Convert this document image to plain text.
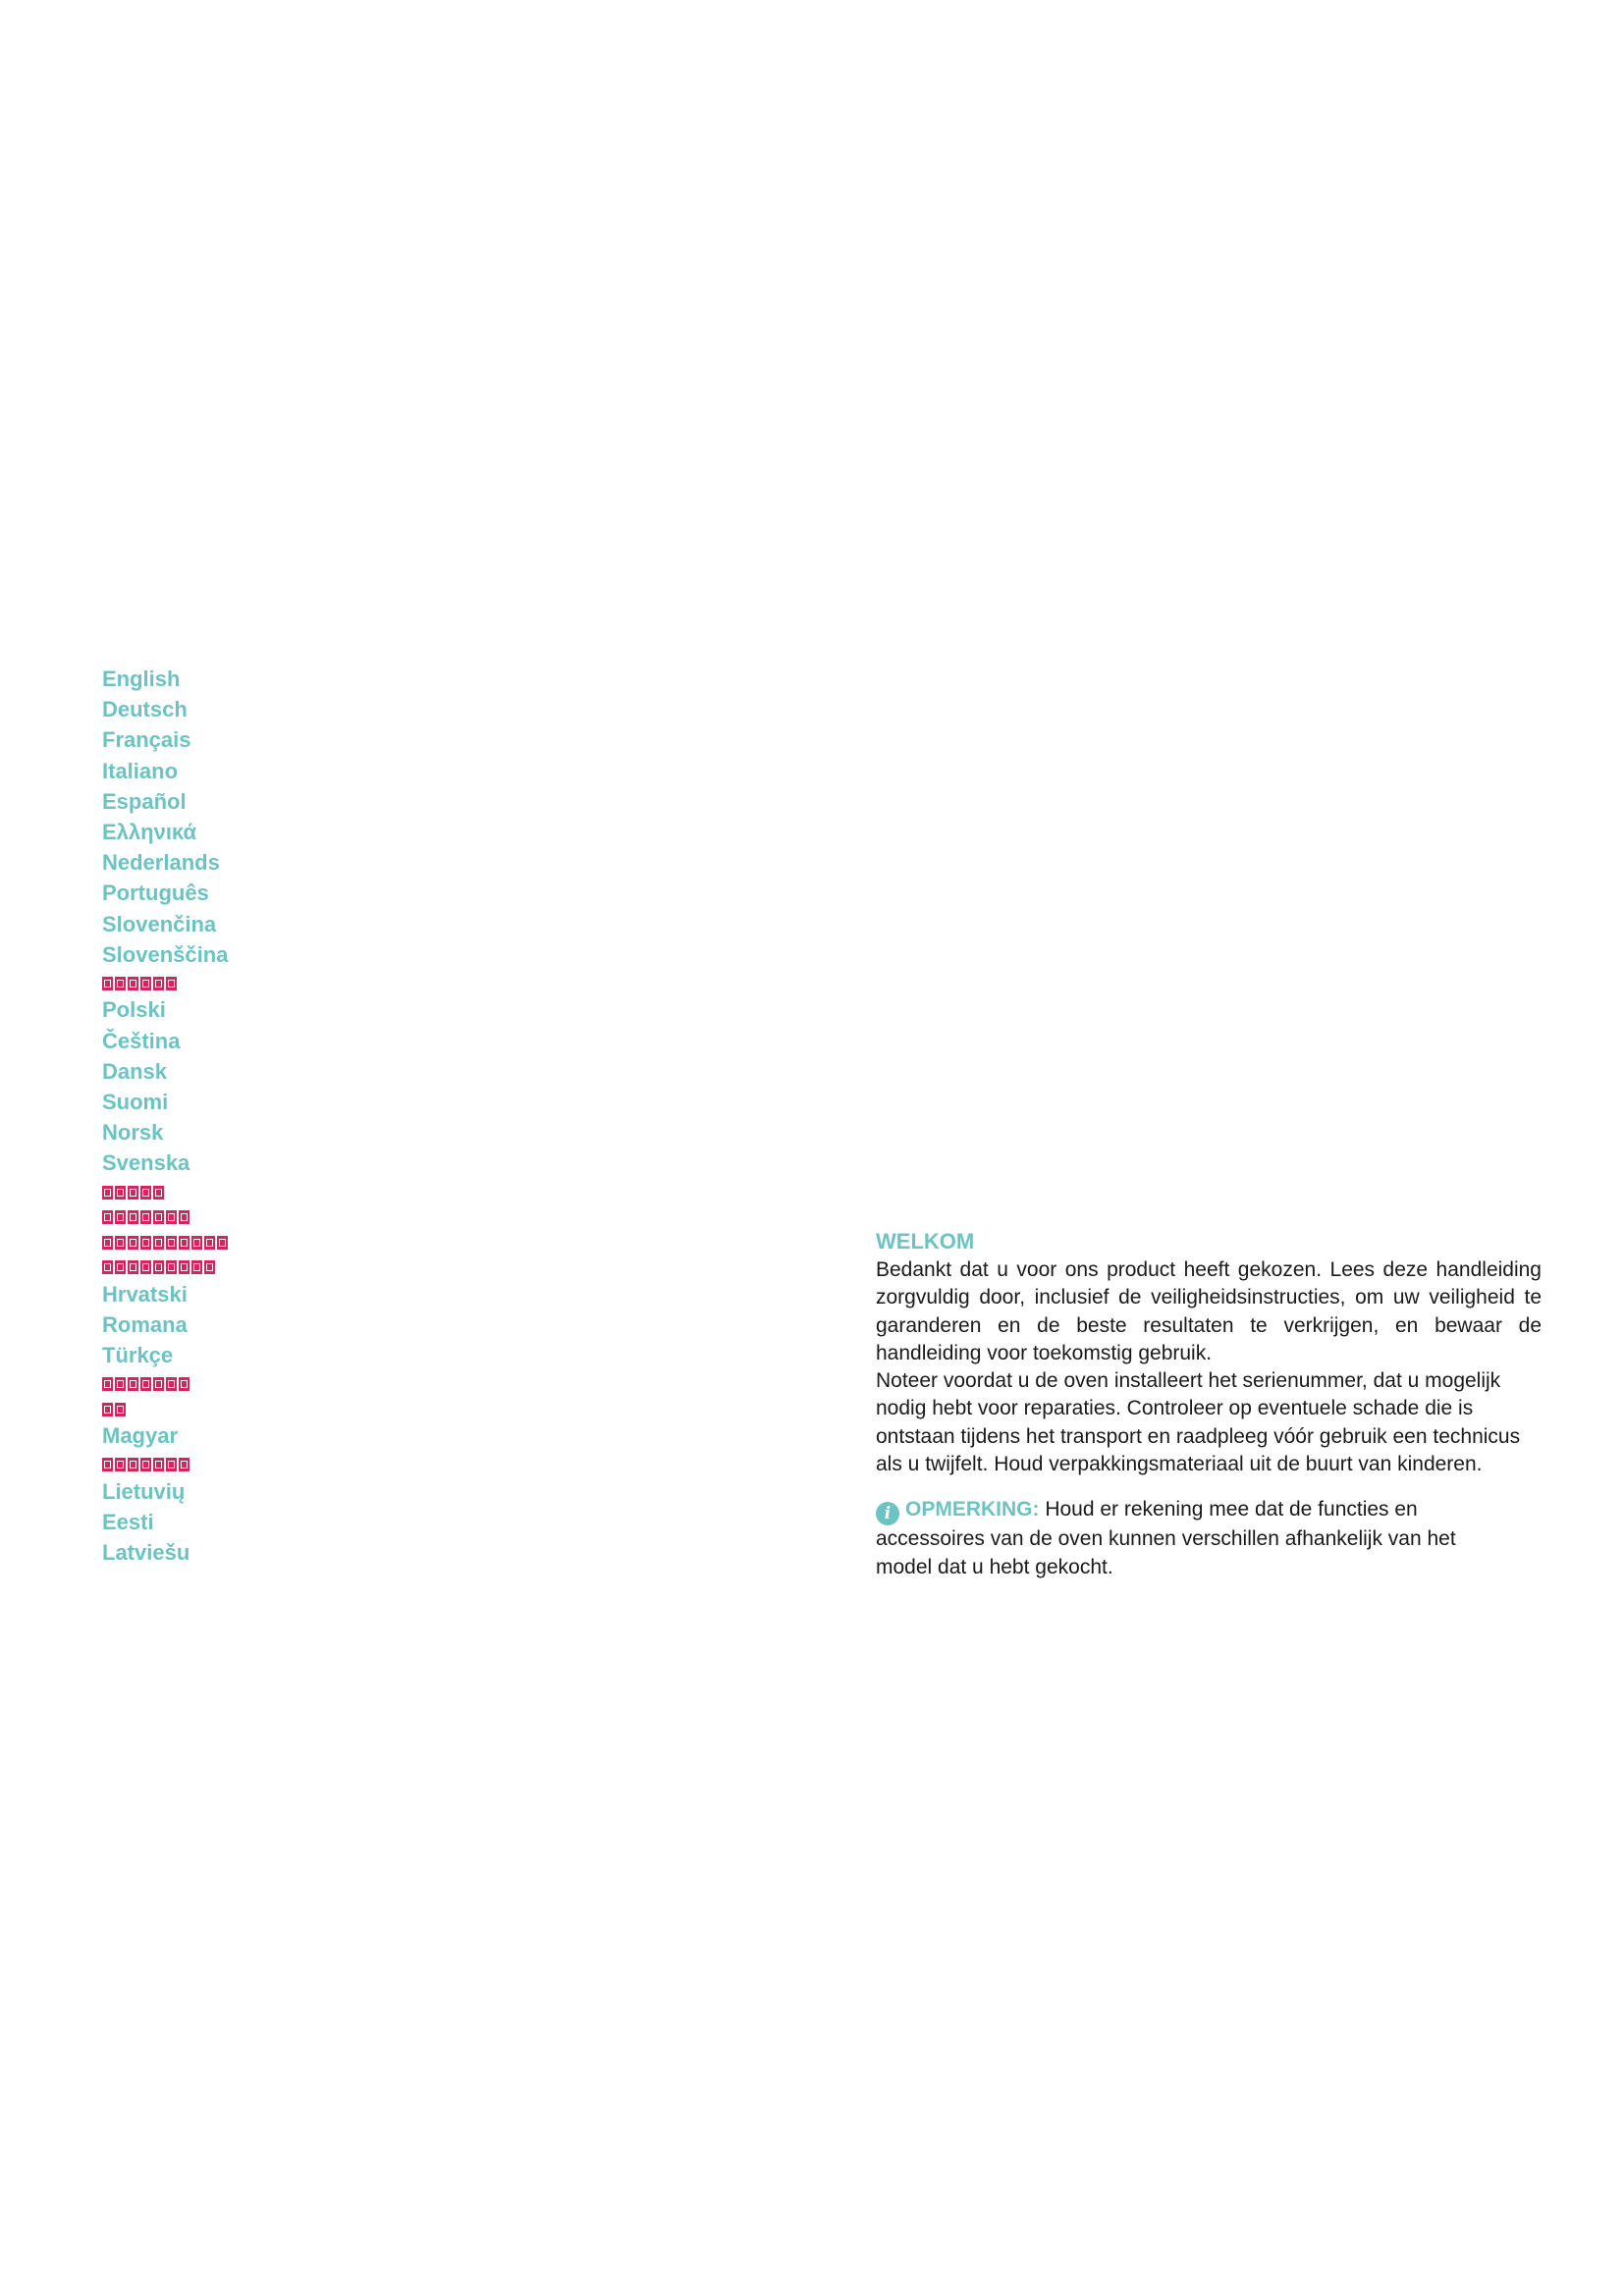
English
Deutsch
Français
Italiano
Español
Ελληνικά
Nederlands
Português
Slovenčina
Slovenščina
Polski
Čeština
Dansk
Suomi
Norsk
Svenska
Hrvatski
Romana
Türkçe
Magyar
Lietuvių
Eesti
Latviešu
WELKOM

Bedankt dat u voor ons product heeft gekozen. Lees deze handleiding zorgvuldig door, inclusief de veiligheidsinstructies, om uw veiligheid te garanderen en de beste resultaten te verkrijgen, en bewaar de handleiding voor toekomstig gebruik.

Noteer voordat u de oven installeert het serienummer, dat u mogelijk nodig hebt voor reparaties. Controleer op eventuele schade die is ontstaan tijdens het transport en raadpleeg vóór gebruik een technicus als u twijfelt. Houd verpakkingsmateriaal uit de buurt van kinderen.

i OPMERKING: Houd er rekening mee dat de functies en accessoires van de oven kunnen verschillen afhankelijk van het model dat u hebt gekocht.
